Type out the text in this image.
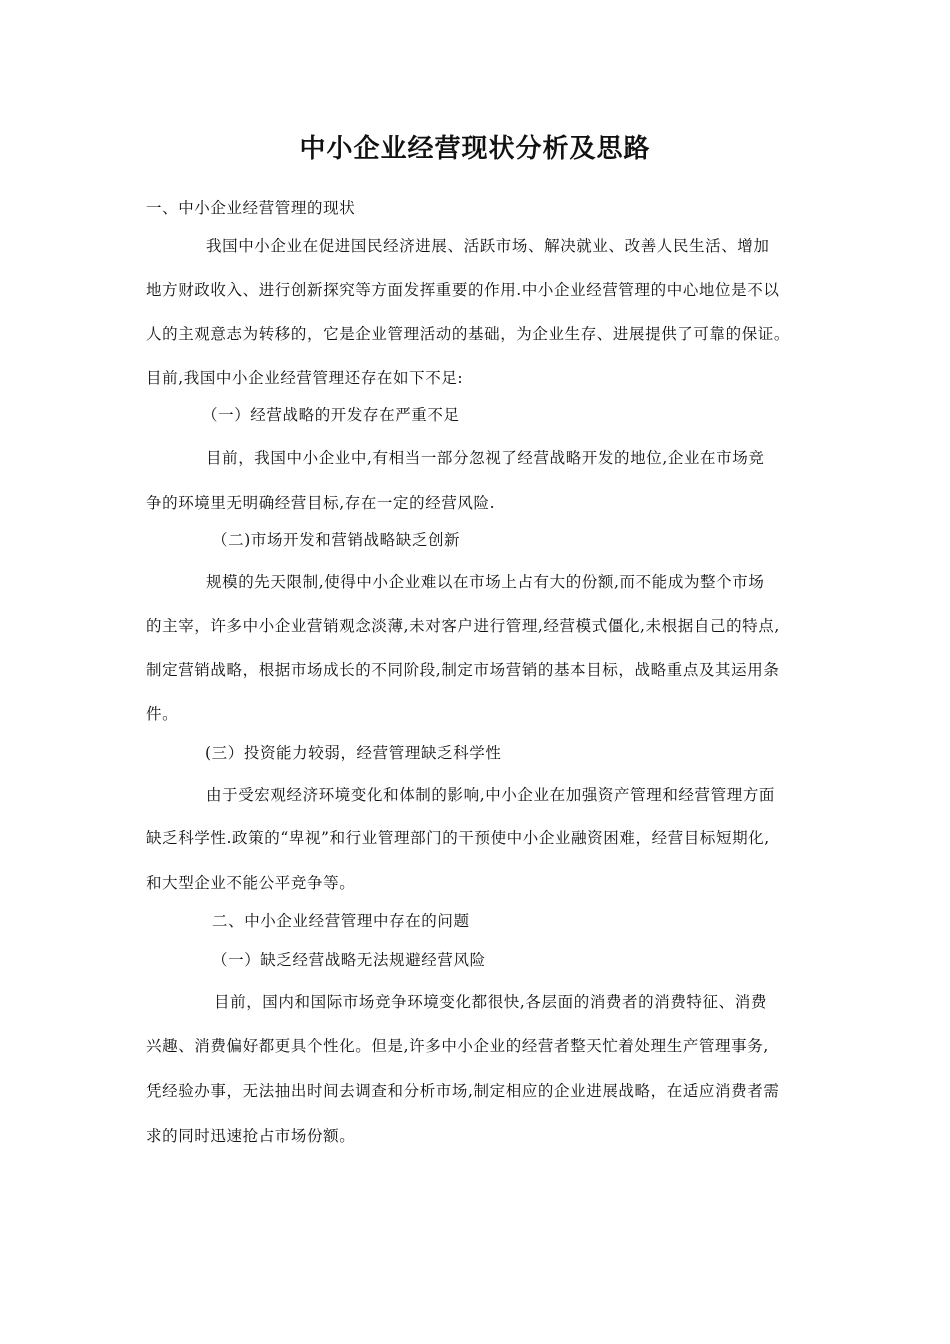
中小企业经营现状分析及思路
一、中小企业经营管理的现状
我国中小企业在促进国民经济进展、活跃市场、解决就业、改善人民生活、增加
地方财政收入、进行创新探究等方面发挥重要的作用.中小企业经营管理的中心地位是不以
人的主观意志为转移的，它是企业管理活动的基础，为企业生存、进展提供了可靠的保证。
目前,我国中小企业经营管理还存在如下不足:
（一）经营战略的开发存在严重不足
目前，我国中小企业中,有相当一部分忽视了经营战略开发的地位,企业在市场竞
争的环境里无明确经营目标,存在一定的经营风险.
（二)市场开发和营销战略缺乏创新
规模的先天限制,使得中小企业难以在市场上占有大的份额,而不能成为整个市场
的主宰，许多中小企业营销观念淡薄,未对客户进行管理,经营模式僵化,未根据自己的特点,
制定营销战略，根据市场成长的不同阶段,制定市场营销的基本目标，战略重点及其运用条
件。
(三）投资能力较弱，经营管理缺乏科学性
由于受宏观经济环境变化和体制的影响,中小企业在加强资产管理和经营管理方面
缺乏科学性.政策的“卑视”和行业管理部门的干预使中小企业融资困难，经营目标短期化,
和大型企业不能公平竞争等。
二、中小企业经营管理中存在的问题
（一）缺乏经营战略无法规避经营风险
目前，国内和国际市场竞争环境变化都很快,各层面的消费者的消费特征、消费
兴趣、消费偏好都更具个性化。但是,许多中小企业的经营者整天忙着处理生产管理事务,
凭经验办事，无法抽出时间去调查和分析市场,制定相应的企业进展战略，在适应消费者需
求的同时迅速抢占市场份额。
